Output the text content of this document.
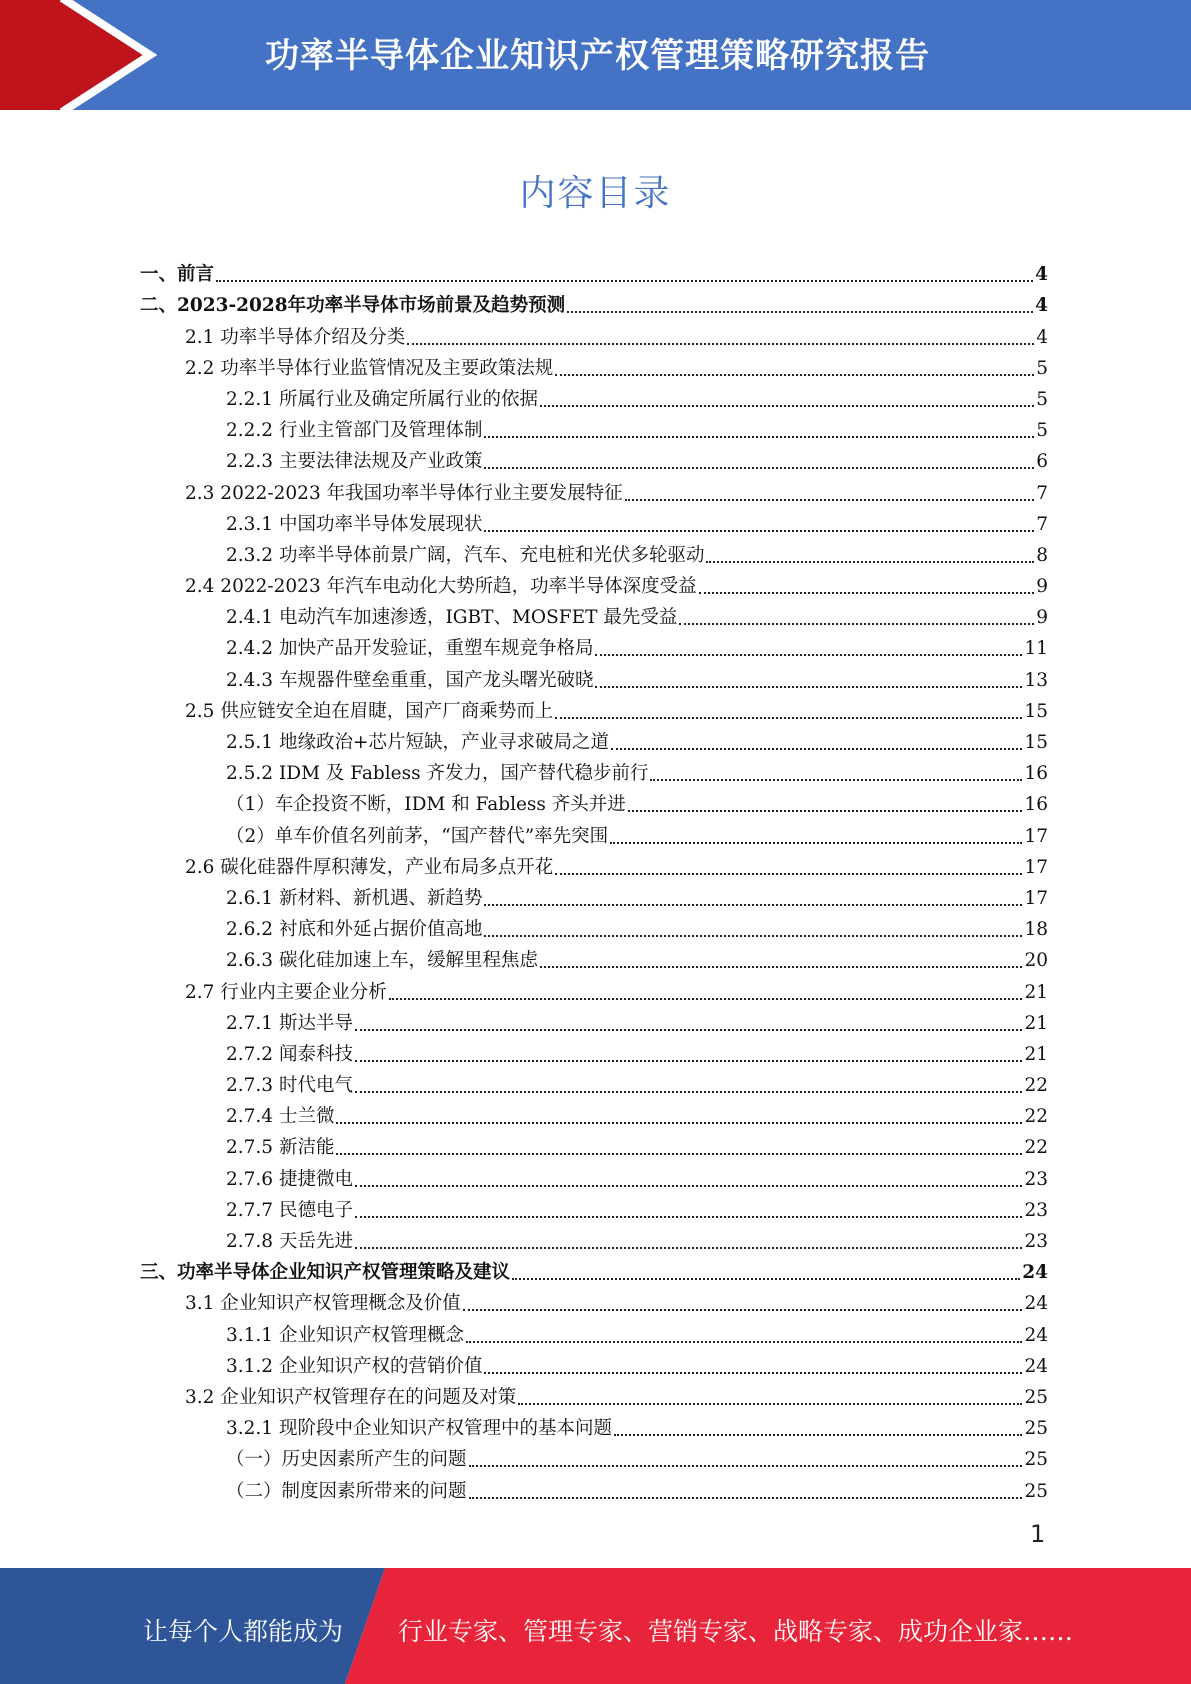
功率半导体企业知识产权管理策略研究报告
内容目录
一、前言	4
二、2023-2028年功率半导体市场前景及趋势预测	4
2.1 功率半导体介绍及分类	4
2.2 功率半导体行业监管情况及主要政策法规	5
2.2.1 所属行业及确定所属行业的依据	5
2.2.2 行业主管部门及管理体制	5
2.2.3 主要法律法规及产业政策	6
2.3 2022-2023 年我国功率半导体行业主要发展特征	7
2.3.1 中国功率半导体发展现状	7
2.3.2 功率半导体前景广阔，汽车、充电桩和光伏多轮驱动	8
2.4 2022-2023 年汽车电动化大势所趋，功率半导体深度受益	9
2.4.1 电动汽车加速渗透，IGBT、MOSFET 最先受益	9
2.4.2 加快产品开发验证，重塑车规竞争格局	11
2.4.3 车规器件壁垒重重，国产龙头曙光破晓	13
2.5 供应链安全迫在眉睫，国产厂商乘势而上	15
2.5.1 地缘政治+芯片短缺，产业寻求破局之道	15
2.5.2 IDM 及 Fabless 齐发力，国产替代稳步前行	16
（1）车企投资不断，IDM 和 Fabless 齐头并进	16
（2）单车价值名列前茅，“国产替代”率先突围	17
2.6 碳化硅器件厚积薄发，产业布局多点开花	17
2.6.1 新材料、新机遇、新趋势	17
2.6.2 衬底和外延占据价值高地	18
2.6.3 碳化硅加速上车，缓解里程焦虑	20
2.7 行业内主要企业分析	21
2.7.1 斯达半导	21
2.7.2 闻泰科技	21
2.7.3 时代电气	22
2.7.4 士兰微	22
2.7.5 新洁能	22
2.7.6 捷捷微电	23
2.7.7 民德电子	23
2.7.8 天岳先进	23
三、功率半导体企业知识产权管理策略及建议	24
3.1 企业知识产权管理概念及价值	24
3.1.1 企业知识产权管理概念	24
3.1.2 企业知识产权的营销价值	24
3.2 企业知识产权管理存在的问题及对策	25
3.2.1 现阶段中企业知识产权管理中的基本问题	25
（一）历史因素所产生的问题	25
（二）制度因素所带来的问题	25
1
让每个人都能成为 行业专家、管理专家、营销专家、战略专家、成功企业家……
